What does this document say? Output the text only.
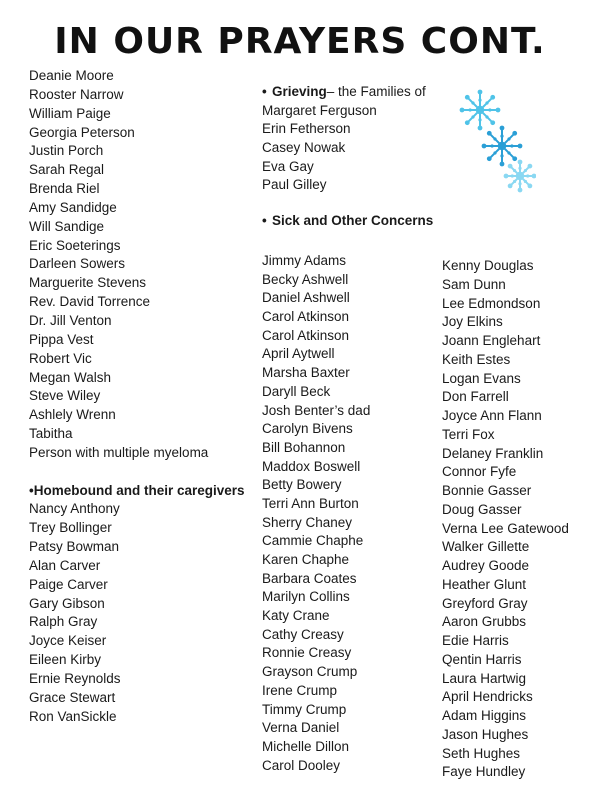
IN OUR PRAYERS CONT.
Deanie Moore
Rooster Narrow
William Paige
Georgia Peterson
Justin Porch
Sarah Regal
Brenda Riel
Amy Sandidge
Will Sandige
Eric Soeterings
Darleen Sowers
Marguerite Stevens
Rev. David Torrence
Dr. Jill Venton
Pippa Vest
Robert Vic
Megan Walsh
Steve Wiley
Ashlely Wrenn
Tabitha
Person with multiple myeloma
•Homebound and their caregivers
Nancy Anthony
Trey Bollinger
Patsy Bowman
Alan Carver
Paige Carver
Gary Gibson
Ralph Gray
Joyce Keiser
Eileen Kirby
Ernie Reynolds
Grace Stewart
Ron VanSickle
• Grieving– the Families of
Margaret Ferguson
Erin Fetherson
Casey Nowak
Eva Gay
Paul Gilley
• Sick and Other Concerns
Jimmy Adams
Becky Ashwell
Daniel Ashwell
Carol Atkinson
Carol Atkinson
April Aytwell
Marsha Baxter
Daryll Beck
Josh Benter’s dad
Carolyn Bivens
Bill Bohannon
Maddox Boswell
Betty Bowery
Terri Ann Burton
Sherry Chaney
Cammie Chaphe
Karen Chaphe
Barbara Coates
Marilyn Collins
Katy Crane
Cathy Creasy
Ronnie Creasy
Grayson Crump
Irene Crump
Timmy Crump
Verna Daniel
Michelle Dillon
Carol Dooley
Kenny Douglas
Sam Dunn
Lee Edmondson
Joy Elkins
Joann Englehart
Keith Estes
Logan Evans
Don Farrell
Joyce Ann Flann
Terri Fox
Delaney Franklin
Connor Fyfe
Bonnie Gasser
Doug Gasser
Verna Lee Gatewood
Walker Gillette
Audrey Goode
Heather Glunt
Greyford Gray
Aaron Grubbs
Edie Harris
Qentin Harris
Laura Hartwig
April Hendricks
Adam Higgins
Jason Hughes
Seth Hughes
Faye Hundley
